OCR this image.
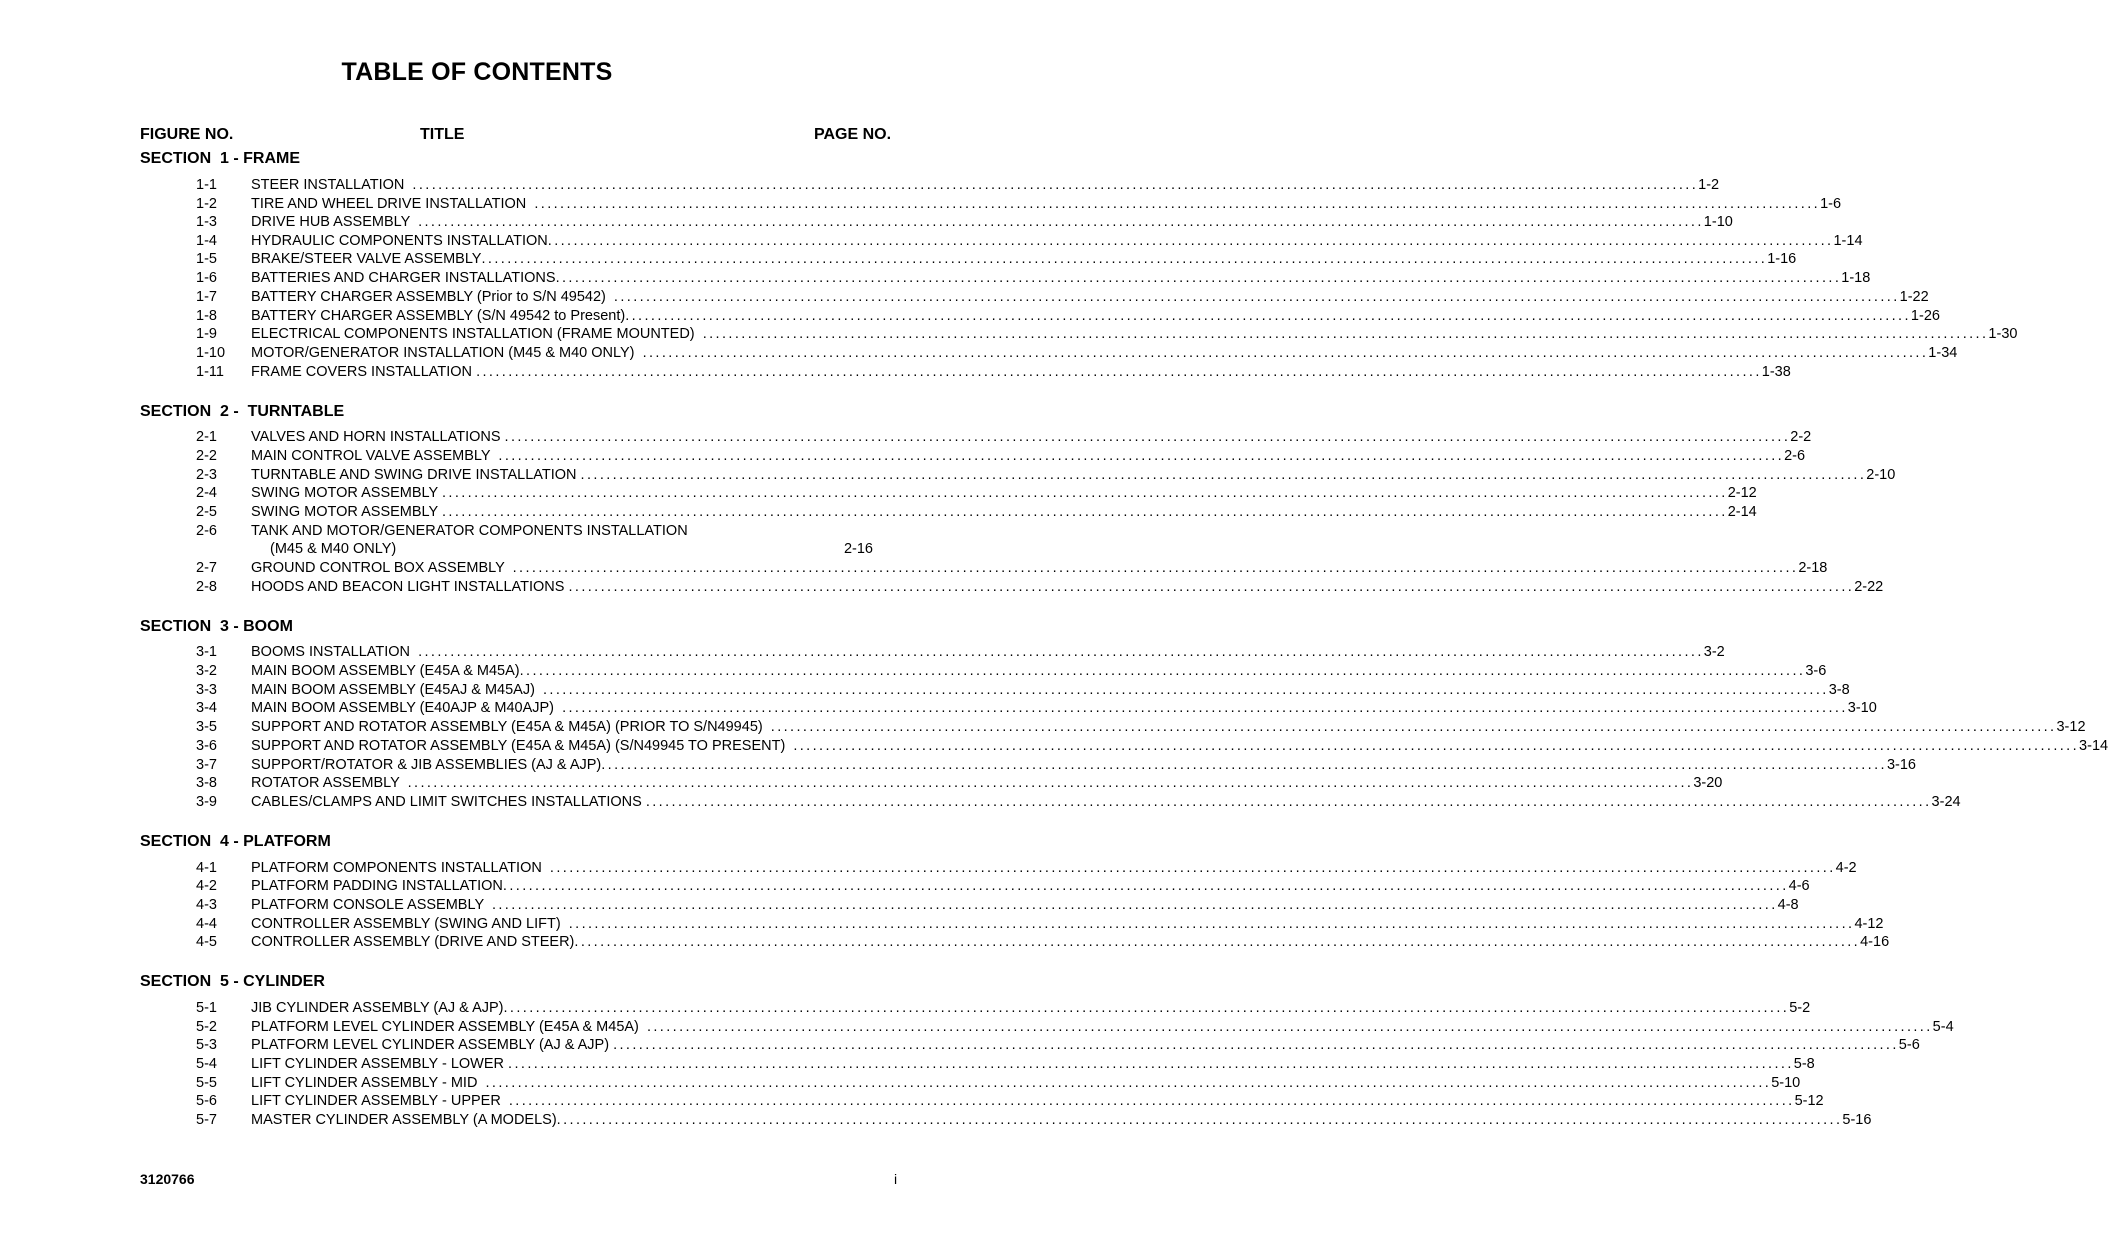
TABLE OF CONTENTS
FIGURE NO.	TITLE	PAGE NO.
SECTION  1 - FRAME
1-1 STEER INSTALLATION ........................................................................................................................................................................................................ 1-2
1-2 TIRE AND WHEEL DRIVE INSTALLATION ........................................................................................................................................................................................................ 1-6
1-3 DRIVE HUB ASSEMBLY ........................................................................................................................................................................................................ 1-10
1-4 HYDRAULIC COMPONENTS INSTALLATION ........................................................................................................................................................................................................ 1-14
1-5 BRAKE/STEER VALVE ASSEMBLY ........................................................................................................................................................................................................ 1-16
1-6 BATTERIES AND CHARGER INSTALLATIONS ........................................................................................................................................................................................................ 1-18
1-7 BATTERY CHARGER ASSEMBLY (Prior to S/N 49542) ........................................................................................................................................................................................................ 1-22
1-8 BATTERY CHARGER ASSEMBLY (S/N 49542 to Present) ........................................................................................................................................................................................................ 1-26
1-9 ELECTRICAL COMPONENTS INSTALLATION (FRAME MOUNTED) ........................................................................................................................................................................................................ 1-30
1-10 MOTOR/GENERATOR INSTALLATION (M45 & M40 ONLY) ........................................................................................................................................................................................................ 1-34
1-11 FRAME COVERS INSTALLATION ........................................................................................................................................................................................................ 1-38
SECTION  2 -  TURNTABLE
2-1 VALVES AND HORN INSTALLATIONS ........................................................................................................................................................................................................ 2-2
2-2 MAIN CONTROL VALVE ASSEMBLY ........................................................................................................................................................................................................ 2-6
2-3 TURNTABLE AND SWING DRIVE INSTALLATION ........................................................................................................................................................................................................ 2-10
2-4 SWING MOTOR ASSEMBLY ........................................................................................................................................................................................................ 2-12
2-5 SWING MOTOR ASSEMBLY ........................................................................................................................................................................................................ 2-14
2-6 TANK AND MOTOR/GENERATOR COMPONENTS INSTALLATION
(M45 & M40 ONLY)	2-16
2-7 GROUND CONTROL BOX ASSEMBLY ........................................................................................................................................................................................................ 2-18
2-8 HOODS AND BEACON LIGHT INSTALLATIONS ........................................................................................................................................................................................................ 2-22
SECTION  3 - BOOM
3-1 BOOMS INSTALLATION ........................................................................................................................................................................................................ 3-2
3-2 MAIN BOOM ASSEMBLY (E45A & M45A) ........................................................................................................................................................................................................ 3-6
3-3 MAIN BOOM ASSEMBLY (E45AJ & M45AJ) ........................................................................................................................................................................................................ 3-8
3-4 MAIN BOOM ASSEMBLY (E40AJP & M40AJP) ........................................................................................................................................................................................................ 3-10
3-5 SUPPORT AND ROTATOR ASSEMBLY (E45A & M45A) (PRIOR TO S/N49945) ........................................................................................................................................................................................................ 3-12
3-6 SUPPORT AND ROTATOR ASSEMBLY (E45A & M45A) (S/N49945 TO PRESENT) ........................................................................................................................................................................................................ 3-14
3-7 SUPPORT/ROTATOR & JIB ASSEMBLIES (AJ & AJP) ........................................................................................................................................................................................................ 3-16
3-8 ROTATOR ASSEMBLY ........................................................................................................................................................................................................ 3-20
3-9 CABLES/CLAMPS AND LIMIT SWITCHES INSTALLATIONS ........................................................................................................................................................................................................ 3-24
SECTION  4 - PLATFORM
4-1 PLATFORM COMPONENTS INSTALLATION ........................................................................................................................................................................................................ 4-2
4-2 PLATFORM PADDING INSTALLATION ........................................................................................................................................................................................................ 4-6
4-3 PLATFORM CONSOLE ASSEMBLY ........................................................................................................................................................................................................ 4-8
4-4 CONTROLLER ASSEMBLY (SWING AND LIFT) ........................................................................................................................................................................................................ 4-12
4-5 CONTROLLER ASSEMBLY (DRIVE AND STEER) ........................................................................................................................................................................................................ 4-16
SECTION  5 - CYLINDER
5-1 JIB CYLINDER ASSEMBLY (AJ & AJP) ........................................................................................................................................................................................................ 5-2
5-2 PLATFORM LEVEL CYLINDER ASSEMBLY (E45A & M45A) ........................................................................................................................................................................................................ 5-4
5-3 PLATFORM LEVEL CYLINDER ASSEMBLY (AJ & AJP) ........................................................................................................................................................................................................ 5-6
5-4 LIFT CYLINDER ASSEMBLY - LOWER ........................................................................................................................................................................................................ 5-8
5-5 LIFT CYLINDER ASSEMBLY - MID ........................................................................................................................................................................................................ 5-10
5-6 LIFT CYLINDER ASSEMBLY - UPPER ........................................................................................................................................................................................................ 5-12
5-7 MASTER CYLINDER ASSEMBLY (A MODELS) ........................................................................................................................................................................................................ 5-16
3120766	i
